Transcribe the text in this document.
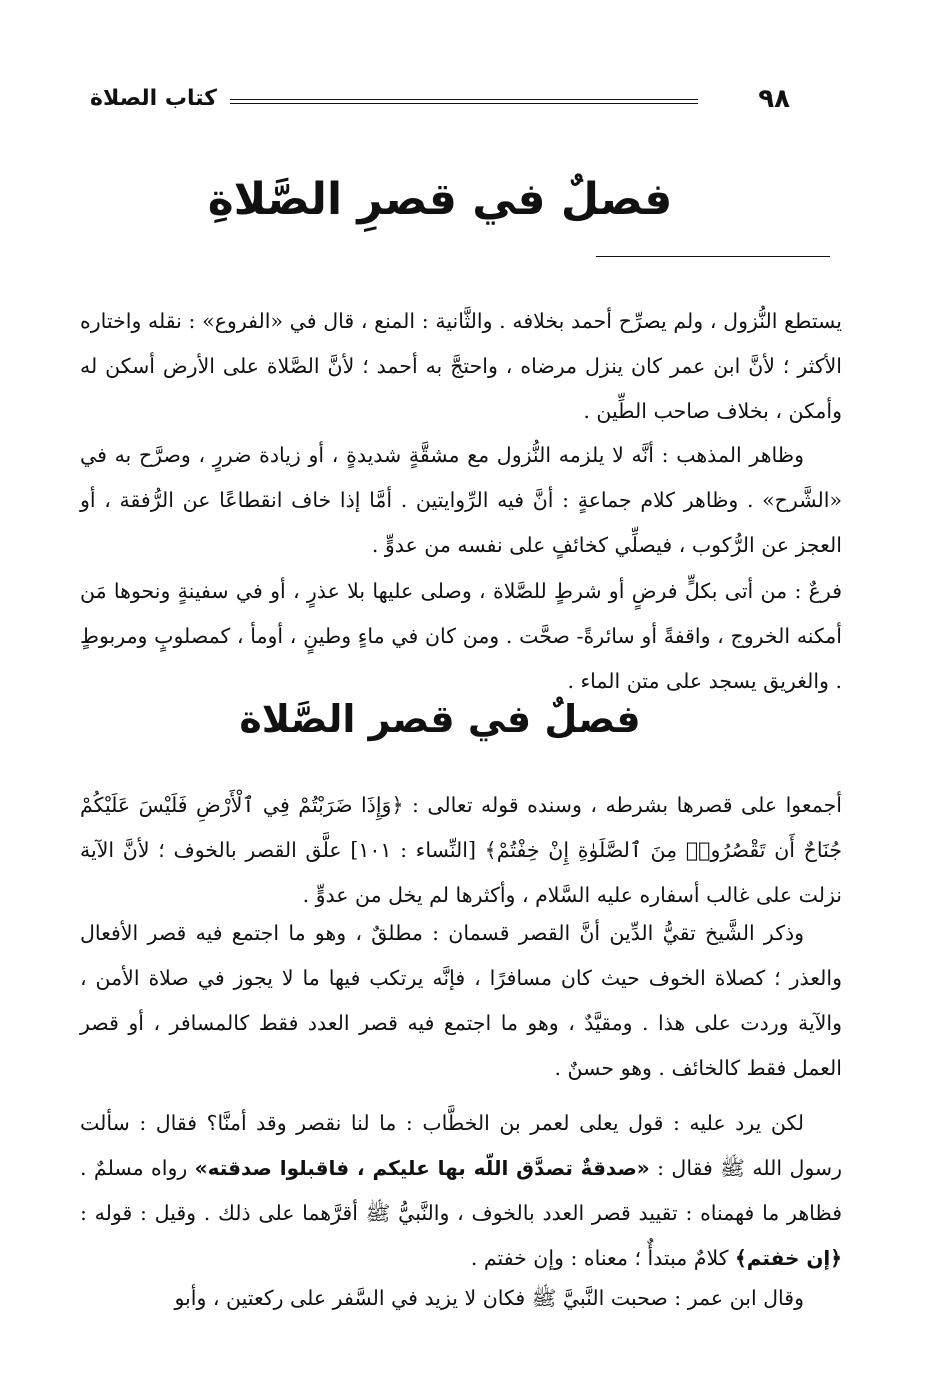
٩٨
كتاب الصلاة
فصلٌ في قصرِ الصَّلاةِ

يستطع النُّزول ، ولم يصرِّح أحمد بخلافه . والثَّانية : المنع ، قال في «الفروع» : نقله واختاره الأكثر ؛ لأنَّ ابن عمر كان ينزل مرضاه ، واحتجَّ به أحمد ؛ لأنَّ الصَّلاة على الأرض أسكن له وأمكن ، بخلاف صاحب الطِّين .

وظاهر المذهب : أنَّه لا يلزمه النُّزول مع مشقَّةٍ شديدةٍ ، أو زيادة ضررٍ ، وصرَّح به في «الشَّرح» . وظاهر كلام جماعةٍ : أنَّ فيه الرِّوايتين . أمَّا إذا خاف انقطاعًا عن الرُّفقة ، أو العجز عن الرُّكوب ، فيصلِّي كخائفٍ على نفسه من عدوٍّ .

فرعٌ : من أتى بكلٍّ فرضٍ أو شرطٍ للصَّلاة ، وصلى عليها بلا عذرٍ ، أو في سفينةٍ ونحوها مَن أمكنه الخروج ، واقفةً أو سائرةً- صحَّت . ومن كان في ماءٍ وطينٍ ، أومأ ، كمصلوبٍ ومربوطٍ . والغريق يسجد على متن الماء .

فصلٌ في قصر الصَّلاة

أجمعوا على قصرها بشرطه ، وسنده قوله تعالى : ﴿وَإِذَا ضَرَبْتُمْ فِي ٱلْأَرْضِ فَلَيْسَ عَلَيْكُمْ جُنَاحٌ أَن تَقْصُرُوا۟ مِنَ ٱلصَّلَوٰةِ إِنْ خِفْتُمْ﴾ [النِّساء : ١٠١] علَّق القصر بالخوف ؛ لأنَّ الآية نزلت على غالب أسفاره عليه السَّلام ، وأكثرها لم يخل من عدوٍّ .

وذكر الشَّيخ تقيُّ الدِّين أنَّ القصر قسمان : مطلقٌ ، وهو ما اجتمع فيه قصر الأفعال والعذر ؛ كصلاة الخوف حيث كان مسافرًا ، فإنَّه يرتكب فيها ما لا يجوز في صلاة الأمن ، والآية وردت على هذا . ومقيَّدٌ ، وهو ما اجتمع فيه قصر العدد فقط كالمسافر ، أو قصر العمل فقط كالخائف . وهو حسنٌ .

لكن يرد عليه : قول يعلى لعمر بن الخطَّاب : ما لنا نقصر وقد أمنَّا؟ فقال : سألت رسول الله ﷺ فقال : «صدقةٌ تصدَّق اللّه بها عليكم ، فاقبلوا صدقته» رواه مسلمٌ . فظاهر ما فهمناه : تقييد قصر العدد بالخوف ، والنَّبيُّ ﷺ أقرَّهما على ذلك . وقيل : قوله : ﴿إن خفتم﴾ كلامٌ مبتدأٌ ؛ معناه : وإن خفتم .

وقال ابن عمر : صحبت النَّبيَّ ﷺ فكان لا يزيد في السَّفر على ركعتين ، وأبو
